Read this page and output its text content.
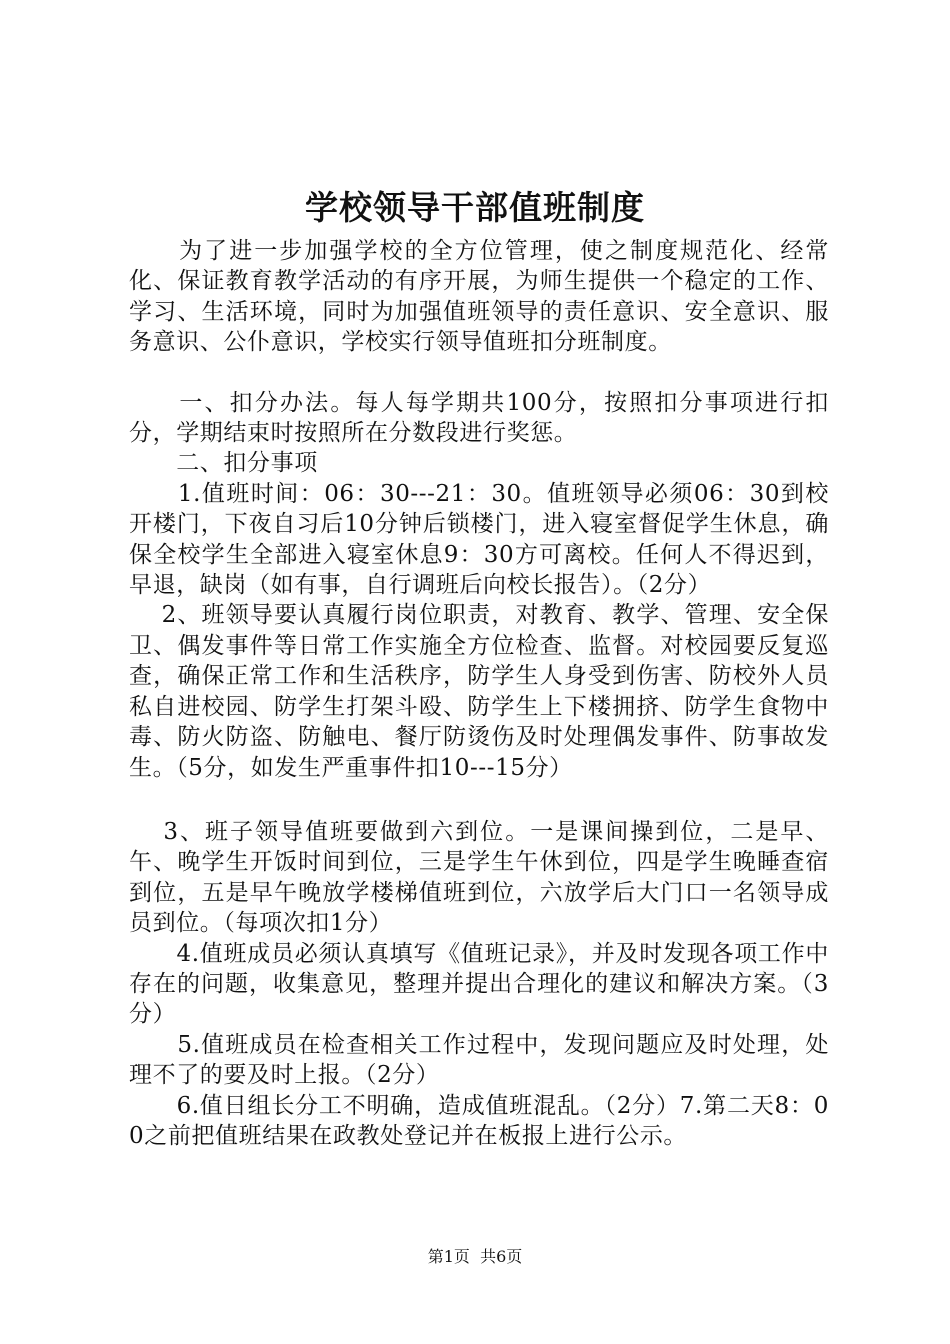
学校领导干部值班制度

　　为了进一步加强学校的全方位管理，使之制度规范化、经常化、保证教育教学活动的有序开展，为师生提供一个稳定的工作、学习、生活环境，同时为加强值班领导的责任意识、安全意识、服务意识、公仆意识，学校实行领导值班扣分班制度。

　　一、扣分办法。每人每学期共100分，按照扣分事项进行扣分，学期结束时按照所在分数段进行奖惩。

　　二、扣分事项

　　1.值班时间：06：30---21：30。值班领导必须06：30到校开楼门，下夜自习后10分钟后锁楼门，进入寝室督促学生休息，确保全校学生全部进入寝室休息9：30方可离校。任何人不得迟到，早退，缺岗（如有事，自行调班后向校长报告）。（2分）

　 2、班领导要认真履行岗位职责，对教育、教学、管理、安全保卫、偶发事件等日常工作实施全方位检查、监督。对校园要反复巡查，确保正常工作和生活秩序，防学生人身受到伤害、防校外人员私自进校园、防学生打架斗殴、防学生上下楼拥挤、防学生食物中毒、防火防盗、防触电、餐厅防烫伤及时处理偶发事件、防事故发生。（5分，如发生严重事件扣10---15分）

　 3、班子领导值班要做到六到位。一是课间操到位，二是早、午、晚学生开饭时间到位，三是学生午休到位，四是学生晚睡查宿到位，五是早午晚放学楼梯值班到位，六放学后大门口一名领导成员到位。（每项次扣1分）

　　4.值班成员必须认真填写《值班记录》，并及时发现各项工作中存在的问题，收集意见，整理并提出合理化的建议和解决方案。（3分）

　　5.值班成员在检查相关工作过程中，发现问题应及时处理，处理不了的要及时上报。（2分）

　　6.值日组长分工不明确，造成值班混乱。（2分）7.第二天8：00之前把值班结果在政教处登记并在板报上进行公示。

第1页  共6页
